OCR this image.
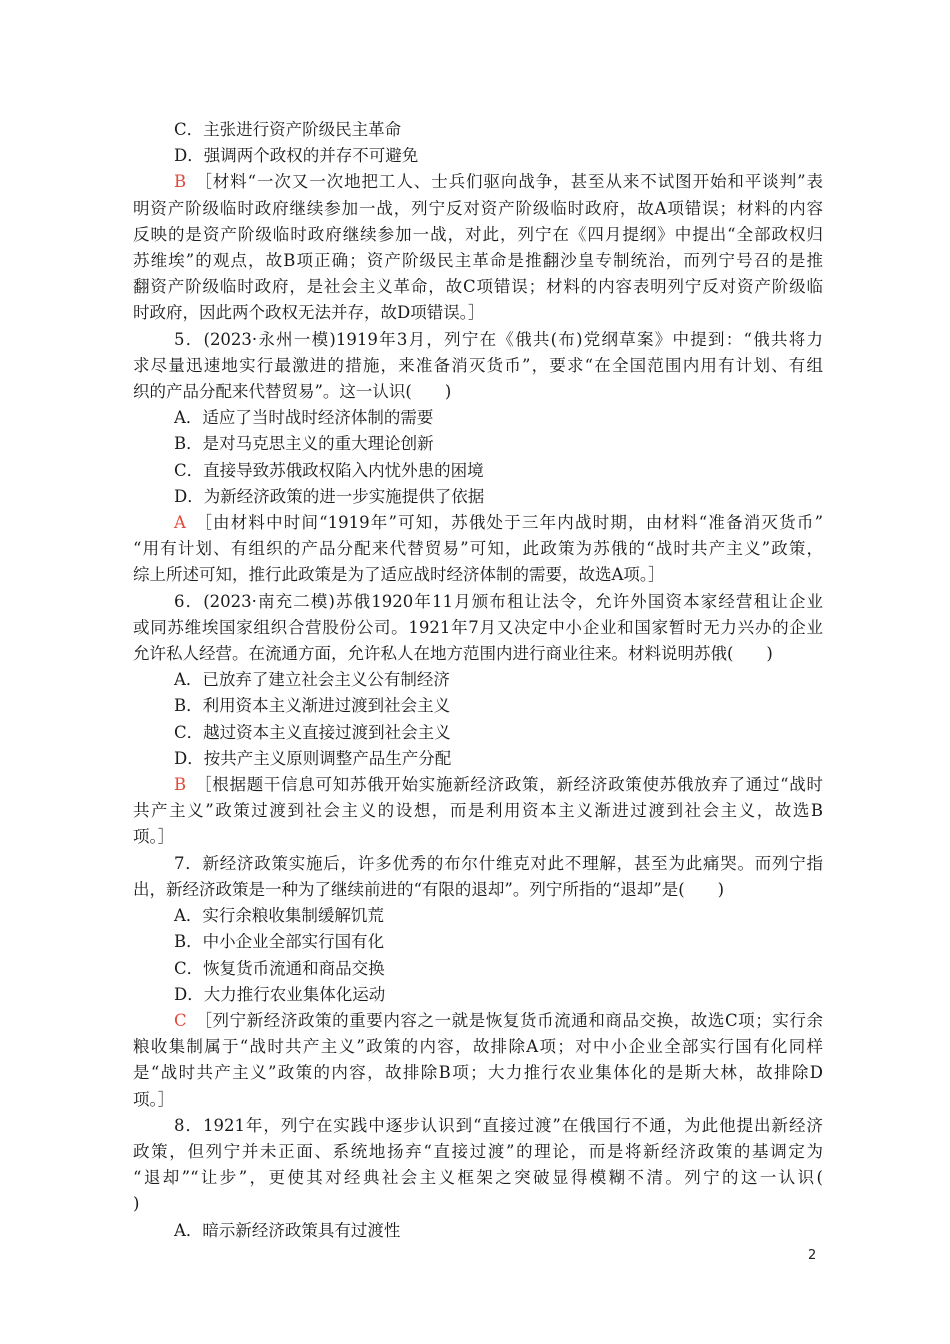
C．主张进行资产阶级民主革命
D．强调两个政权的并存不可避免
B  ［材料“一次又一次地把工人、士兵们驱向战争，甚至从来不试图开始和平谈判”表
明资产阶级临时政府继续参加一战，列宁反对资产阶级临时政府，故A项错误；材料的内容
反映的是资产阶级临时政府继续参加一战，对此，列宁在《四月提纲》中提出“全部政权归
苏维埃”的观点，故B项正确；资产阶级民主革命是推翻沙皇专制统治，而列宁号召的是推
翻资产阶级临时政府，是社会主义革命，故C项错误；材料的内容表明列宁反对资产阶级临
时政府，因此两个政权无法并存，故D项错误。］
5．(2023·永州一模)1919年3月，列宁在《俄共(布)党纲草案》中提到：“俄共将力
求尽量迅速地实行最激进的措施，来准备消灭货币”，要求“在全国范围内用有计划、有组
织的产品分配来代替贸易”。这一认识(　　)
A．适应了当时战时经济体制的需要
B．是对马克思主义的重大理论创新
C．直接导致苏俄政权陷入内忧外患的困境
D．为新经济政策的进一步实施提供了依据
A  ［由材料中时间“1919年”可知，苏俄处于三年内战时期，由材料“准备消灭货币”
“用有计划、有组织的产品分配来代替贸易”可知，此政策为苏俄的“战时共产主义”政策，
综上所述可知，推行此政策是为了适应战时经济体制的需要，故选A项。］
6．(2023·南充二模)苏俄1920年11月颁布租让法令，允许外国资本家经营租让企业
或同苏维埃国家组织合营股份公司。1921年7月又决定中小企业和国家暂时无力兴办的企业
允许私人经营。在流通方面，允许私人在地方范围内进行商业往来。材料说明苏俄(　　)
A．已放弃了建立社会主义公有制经济
B．利用资本主义渐进过渡到社会主义
C．越过资本主义直接过渡到社会主义
D．按共产主义原则调整产品生产分配
B  ［根据题干信息可知苏俄开始实施新经济政策，新经济政策使苏俄放弃了通过“战时
共产主义”政策过渡到社会主义的设想，而是利用资本主义渐进过渡到社会主义，故选B
项。］
7．新经济政策实施后，许多优秀的布尔什维克对此不理解，甚至为此痛哭。而列宁指
出，新经济政策是一种为了继续前进的“有限的退却”。列宁所指的“退却”是(　　)
A．实行余粮收集制缓解饥荒
B．中小企业全部实行国有化
C．恢复货币流通和商品交换
D．大力推行农业集体化运动
C  ［列宁新经济政策的重要内容之一就是恢复货币流通和商品交换，故选C项；实行余
粮收集制属于“战时共产主义”政策的内容，故排除A项；对中小企业全部实行国有化同样
是“战时共产主义”政策的内容，故排除B项；大力推行农业集体化的是斯大林，故排除D
项。］
8．1921年，列宁在实践中逐步认识到“直接过渡”在俄国行不通，为此他提出新经济
政策，但列宁并未正面、系统地扬弃“直接过渡”的理论，而是将新经济政策的基调定为
“退却”“让步”，更使其对经典社会主义框架之突破显得模糊不清。列宁的这一认识(
)
A．暗示新经济政策具有过渡性
2
